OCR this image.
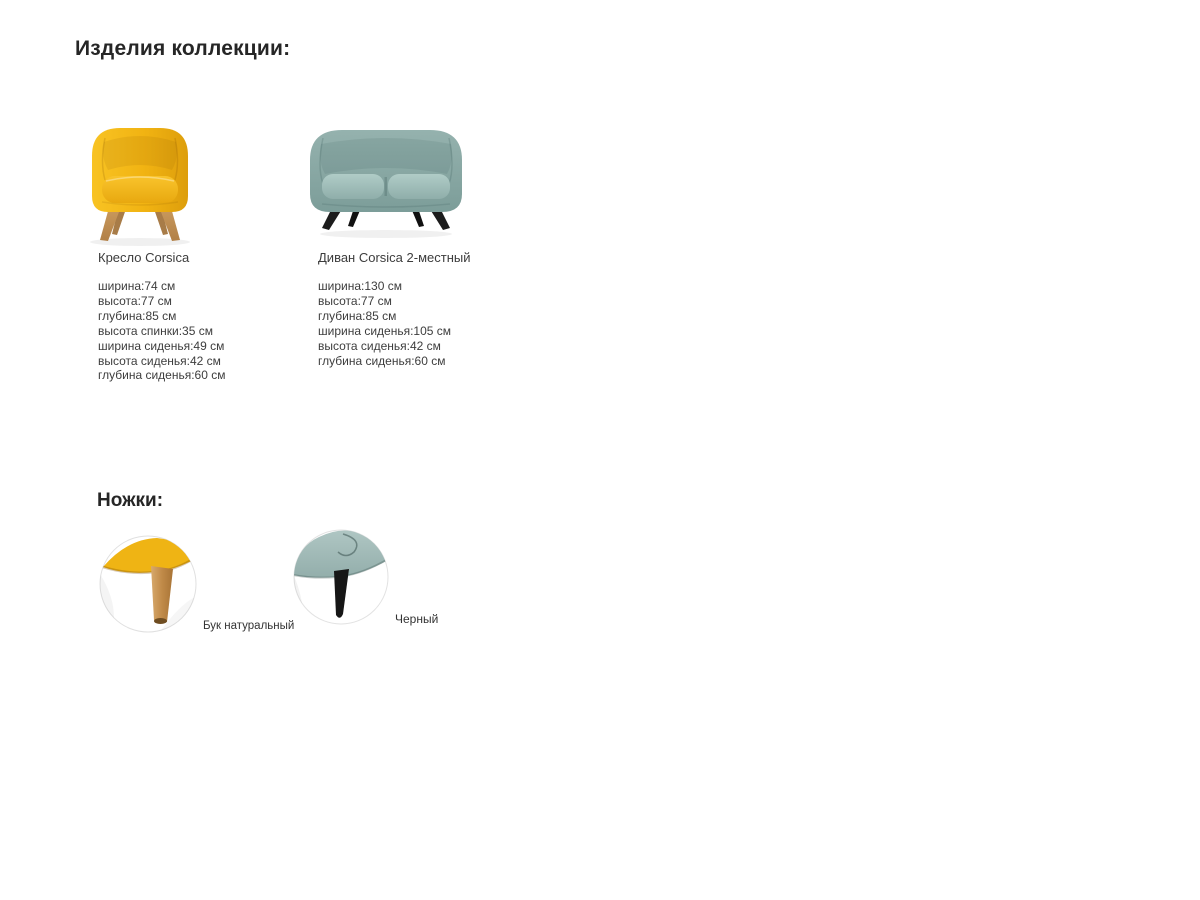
Изделия коллекции:
Кресло Corsica
ширина:74 см
высота:77 см
глубина:85 см
высота спинки:35 см
ширина сиденья:49 см
высота сиденья:42 см
глубина сиденья:60 см
Диван Corsica 2-местный
ширина:130 см
высота:77 см
глубина:85 см
ширина сиденья:105 см
высота сиденья:42 см
глубина сиденья:60 см
Ножки:
Бук натуральный	Черный
